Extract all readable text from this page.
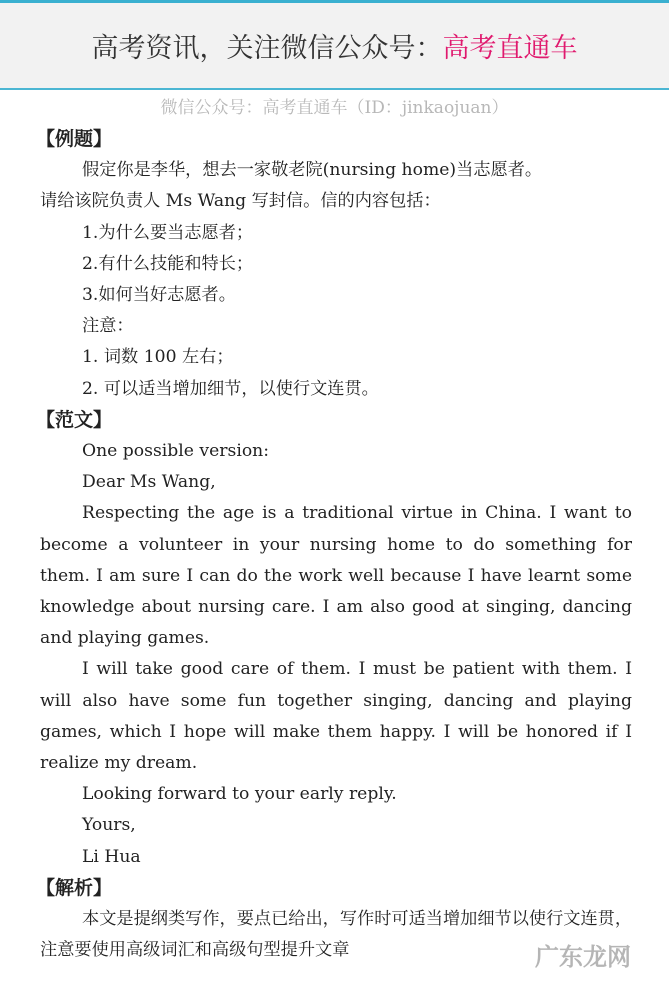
高考资讯，关注微信公众号： 高考直通车
微信公众号：高考直通车（ID：jinkaojuan）
【例题】
假定你是李华，想去一家敬老院(nursing home)当志愿者。
请给该院负责人 Ms Wang 写封信。信的内容包括：
1.为什么要当志愿者；
2.有什么技能和特长；
3.如何当好志愿者。
注意：
1. 词数 100 左右；
2. 可以适当增加细节，以使行文连贯。
【范文】
One possible version:
Dear Ms Wang,
Respecting the age is a traditional virtue in China. I want to become a volunteer in your nursing home to do something for them. I am sure I can do the work well because I have learnt some knowledge about nursing care. I am also good at singing, dancing and playing games.
I will take good care of them. I must be patient with them. I will also have some fun together singing, dancing and playing games, which I hope will make them happy. I will be honored if I realize my dream.
Looking forward to your early reply.
Yours,
Li Hua
【解析】
本文是提纲类写作，要点已给出，写作时可适当增加细节以使行文连贯，注意要使用高级词汇和高级句型提升文章	广东龙网
